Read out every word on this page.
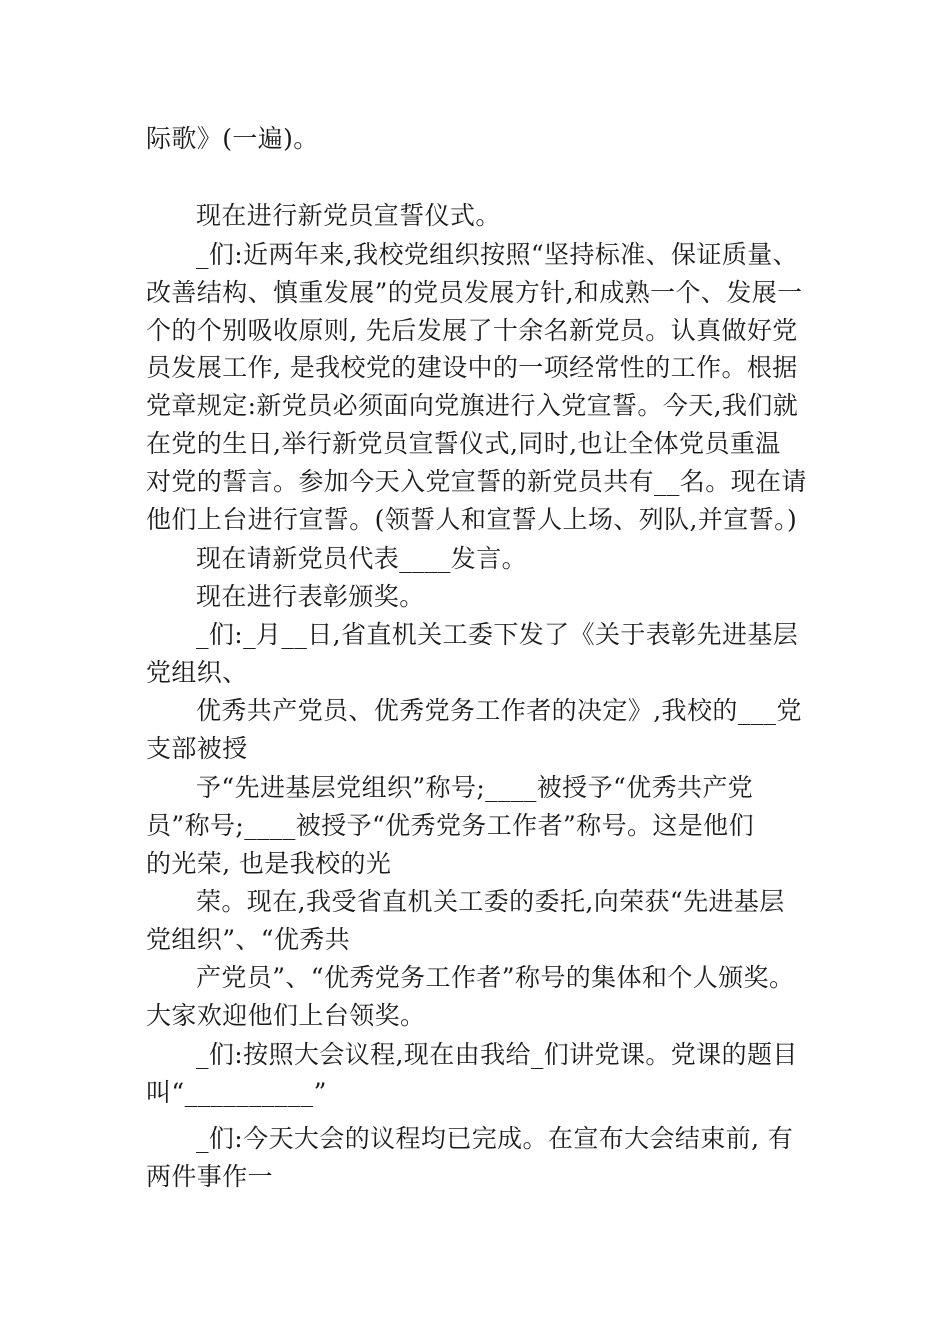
际歌》(一遍)。
现在进行新党员宣誓仪式。
_们:近两年来,我校党组织按照“坚持标准、保证质量、
改善结构、慎重发展”的党员发展方针,和成熟一个、发展一
个的个别吸收原则, 先后发展了十余名新党员。认真做好党
员发展工作, 是我校党的建设中的一项经常性的工作。根据
党章规定:新党员必须面向党旗进行入党宣誓。今天,我们就
在党的生日,举行新党员宣誓仪式,同时,也让全体党员重温
对党的誓言。参加今天入党宣誓的新党员共有__名。现在请
他们上台进行宣誓。(领誓人和宣誓人上场、列队,并宣誓。)
现在请新党员代表____发言。
现在进行表彰颁奖。
_们:_月__日,省直机关工委下发了《关于表彰先进基层
党组织、
优秀共产党员、优秀党务工作者的决定》,我校的___党
支部被授
予“先进基层党组织”称号;____被授予“优秀共产党
员”称号;____被授予“优秀党务工作者”称号。这是他们
的光荣, 也是我校的光
荣。现在,我受省直机关工委的委托,向荣获“先进基层
党组织”、“优秀共
产党员”、“优秀党务工作者”称号的集体和个人颁奖。
大家欢迎他们上台领奖。
_们:按照大会议程,现在由我给_们讲党课。党课的题目
叫“__________”
_们:今天大会的议程均已完成。在宣布大会结束前, 有
两件事作一
